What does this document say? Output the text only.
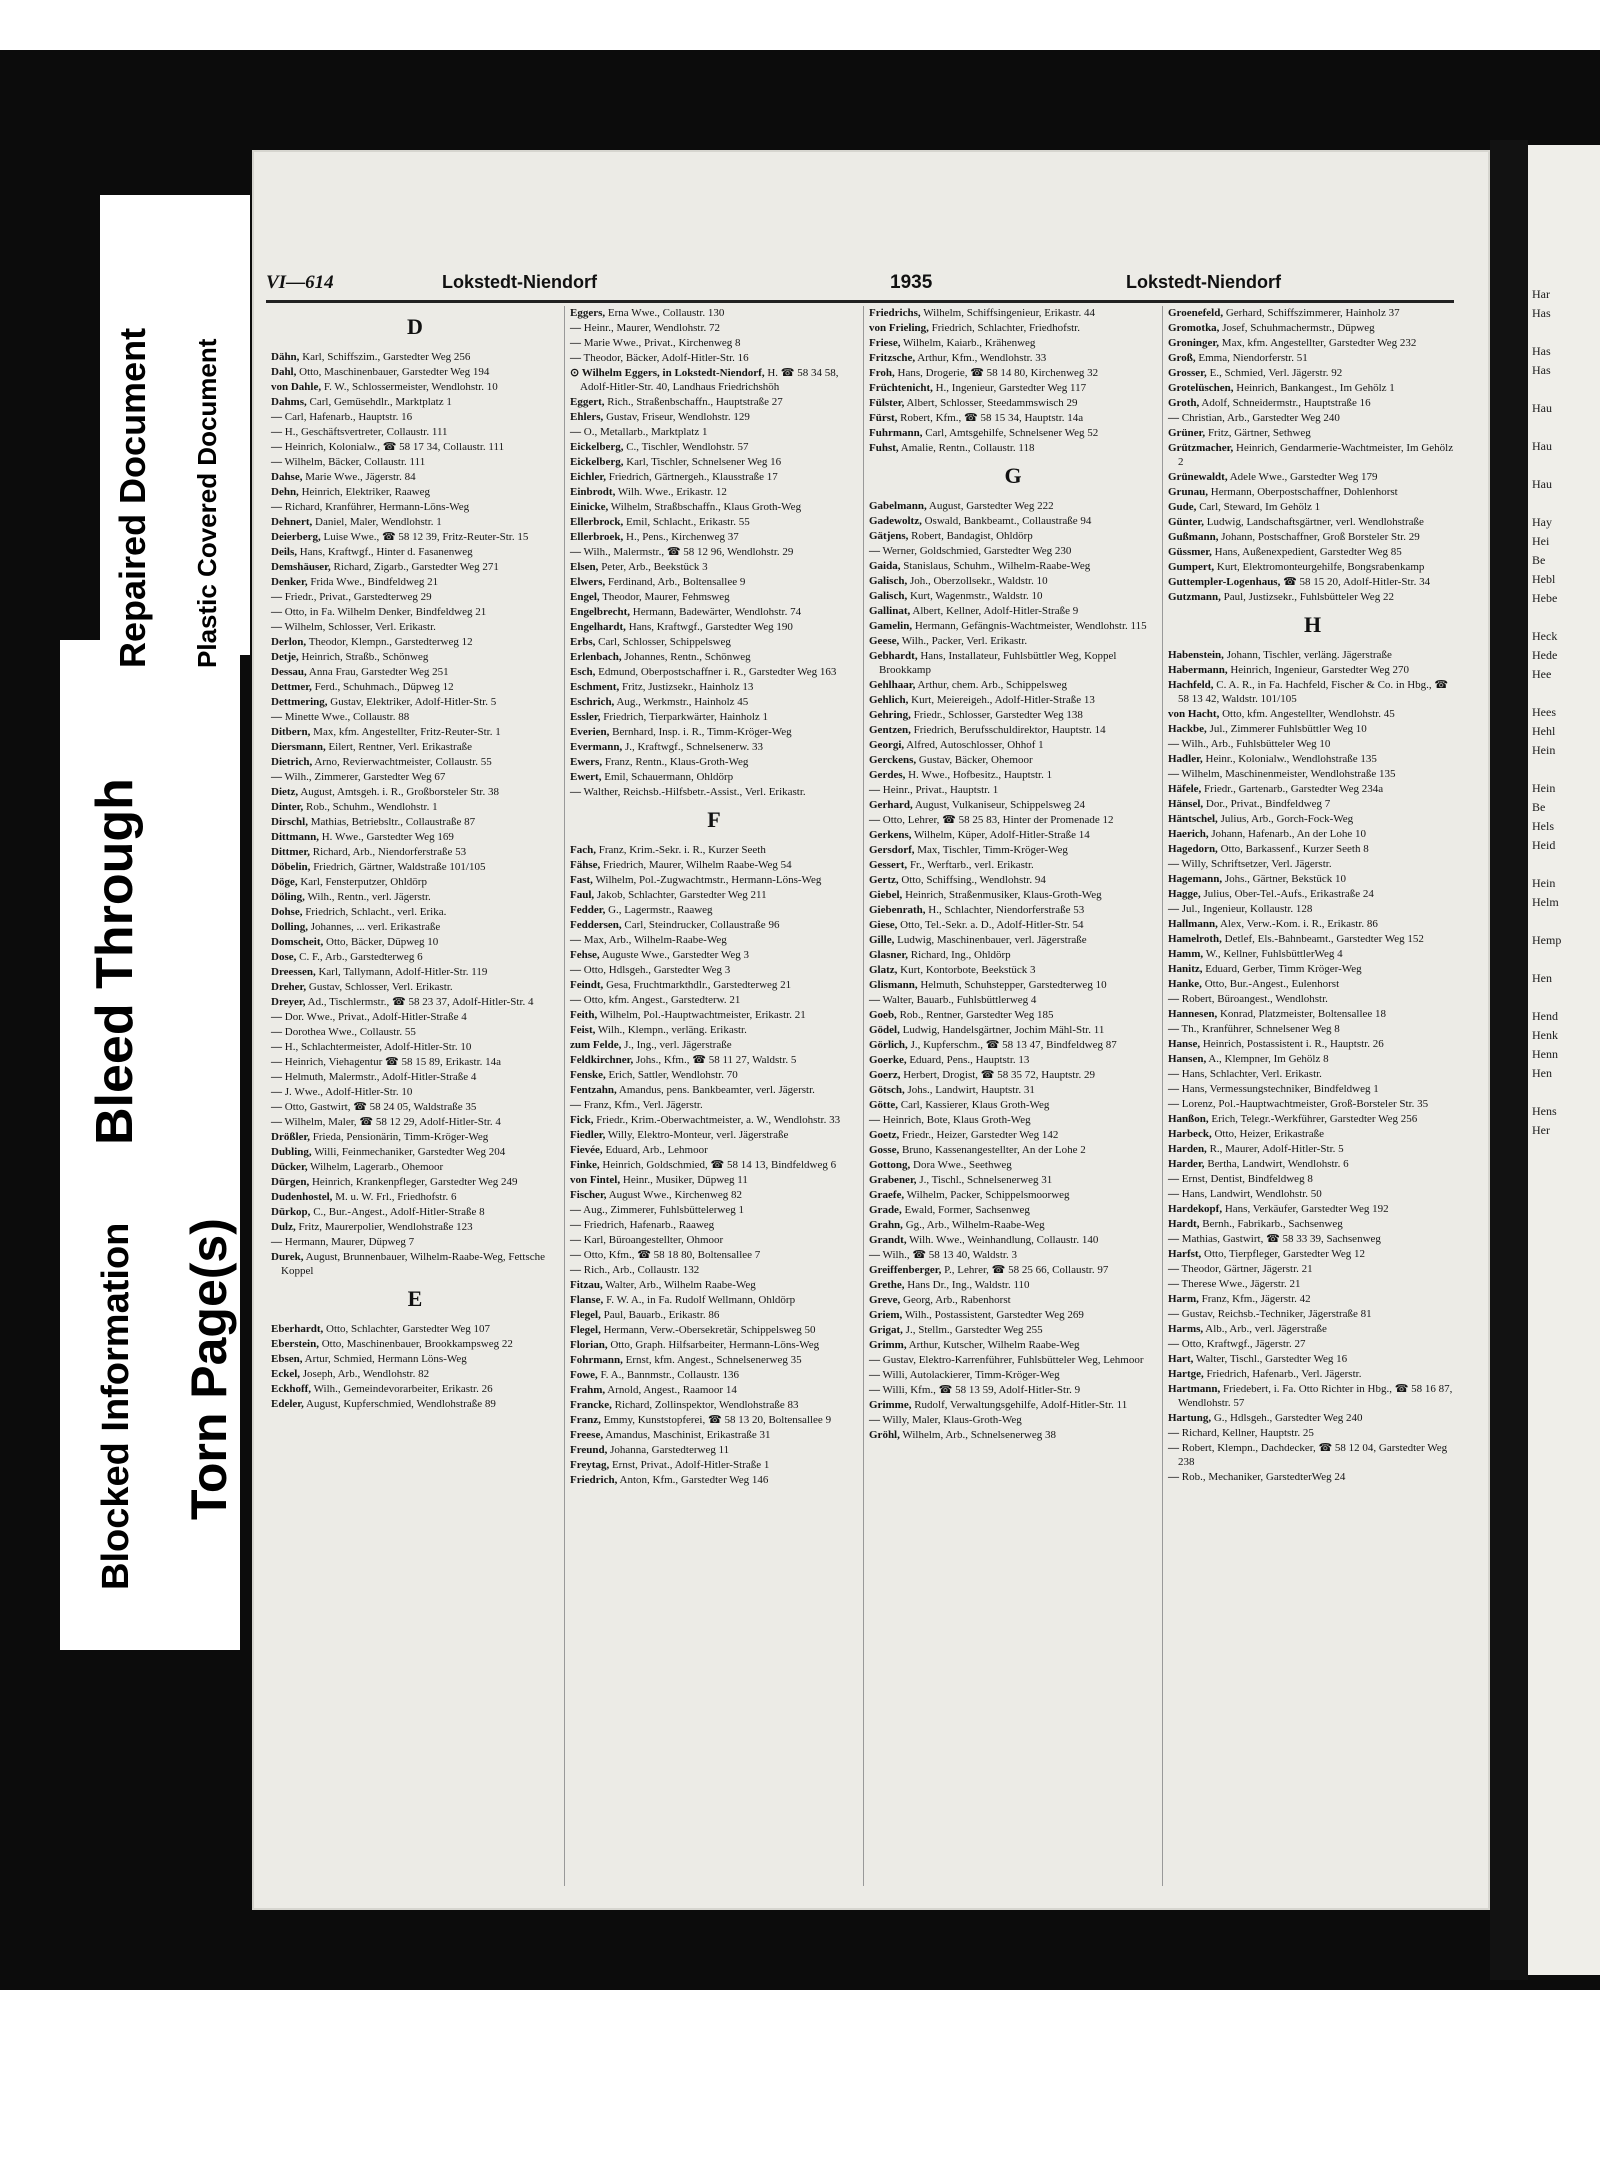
Blocked Information Torn Page(s)
Bleed Through
Repaired Document Plastic Covered Document
Har
Has

Has
Has

Hau

Hau

Hau

Hay
Hei
Be
Hebl
Hebe

Heck
Hede
Hee

Hees
Hehl
Hein

Hein
Be
Hels
Heid

Hein
Helm

Hemp

Hen

Hend
Henk
Henn
Hen

Hens
Her
VI—614	Lokstedt-Niendorf	1935	Lokstedt-Niendorf
D
Dähn, Karl, Schiffszim., Garstedter Weg 256
Dahl, Otto, Maschinenbauer, Garstedter Weg 194
von Dahle, F. W., Schlossermeister, Wendlohstr. 10
Dahms, Carl, Gemüsehdlr., Marktplatz 1
— Carl, Hafenarb., Hauptstr. 16
— H., Geschäftsvertreter, Collaustr. 111
— Heinrich, Kolonialw., ☎ 58 17 34, Collaustr. 111
— Wilhelm, Bäcker, Collaustr. 111
Dahse, Marie Wwe., Jägerstr. 84
Dehn, Heinrich, Elektriker, Raaweg
— Richard, Kranführer, Hermann-Löns-Weg
Dehnert, Daniel, Maler, Wendlohstr. 1
Deierberg, Luise Wwe., ☎ 58 12 39, Fritz-Reuter-Str. 15
Deils, Hans, Kraftwgf., Hinter d. Fasanenweg
Demshäuser, Richard, Zigarb., Garstedter Weg 271
Denker, Frida Wwe., Bindfeldweg 21
— Friedr., Privat., Garstedterweg 29
— Otto, in Fa. Wilhelm Denker, Bindfeldweg 21
— Wilhelm, Schlosser, Verl. Erikastr.
Derlon, Theodor, Klempn., Garstedterweg 12
Detje, Heinrich, Straßb., Schönweg
Dessau, Anna Frau, Garstedter Weg 251
Dettmer, Ferd., Schuhmach., Düpweg 12
Dettmering, Gustav, Elektriker, Adolf-Hitler-Str. 5
— Minette Wwe., Collaustr. 88
Ditbern, Max, kfm. Angestellter, Fritz-Reuter-Str. 1
Diersmann, Eilert, Rentner, Verl. Erikastraße
Dietrich, Arno, Revierwachtmeister, Collaustr. 55
— Wilh., Zimmerer, Garstedter Weg 67
Dietz, August, Amtsgeh. i. R., Großborsteler Str. 38
Dinter, Rob., Schuhm., Wendlohstr. 1
Dirschl, Mathias, Betriebsltr., Collaustraße 87
Dittmann, H. Wwe., Garstedter Weg 169
Dittmer, Richard, Arb., Niendorferstraße 53
Döbelin, Friedrich, Gärtner, Waldstraße 101/105
Döge, Karl, Fensterputzer, Ohldörp
Döling, Wilh., Rentn., verl. Jägerstr.
Dohse, Friedrich, Schlacht., verl. Erika.
Dolling, Johannes, ... verl. Erikastraße
Domscheit, Otto, Bäcker, Düpweg 10
Dose, C. F., Arb., Garstedterweg 6
Dreessen, Karl, Tallymann, Adolf-Hitler-Str. 119
Dreher, Gustav, Schlosser, Verl. Erikastr.
Dreyer, Ad., Tischlermstr., ☎ 58 23 37, Adolf-Hitler-Str. 4
— Dor. Wwe., Privat., Adolf-Hitler-Straße 4
— Dorothea Wwe., Collaustr. 55
— H., Schlachtermeister, Adolf-Hitler-Str. 10
— Heinrich, Viehagentur ☎ 58 15 89, Erikastr. 14a
— Helmuth, Malermstr., Adolf-Hitler-Straße 4
— J. Wwe., Adolf-Hitler-Str. 10
— Otto, Gastwirt, ☎ 58 24 05, Waldstraße 35
— Wilhelm, Maler, ☎ 58 12 29, Adolf-Hitler-Str. 4
Drößler, Frieda, Pensionärin, Timm-Kröger-Weg
Dubling, Willi, Feinmechaniker, Garstedter Weg 204
Dücker, Wilhelm, Lagerarb., Ohemoor
Dürgen, Heinrich, Krankenpfleger, Garstedter Weg 249
Dudenhostel, M. u. W. Frl., Friedhofstr. 6
Dürkop, C., Bur.-Angest., Adolf-Hitler-Straße 8
Dulz, Fritz, Maurerpolier, Wendlohstraße 123
— Hermann, Maurer, Düpweg 7
Durek, August, Brunnenbauer, Wilhelm-Raabe-Weg, Fettsche Koppel
E
Eberhardt, Otto, Schlachter, Garstedter Weg 107
Eberstein, Otto, Maschinenbauer, Brookkampsweg 22
Ebsen, Artur, Schmied, Hermann Löns-Weg
Eckel, Joseph, Arb., Wendlohstr. 82
Eckhoff, Wilh., Gemeindevorarbeiter, Erikastr. 26
Edeler, August, Kupferschmied, Wendlohstraße 89
Eggers, Erna Wwe., Collaustr. 130
— Heinr., Maurer, Wendlohstr. 72
— Marie Wwe., Privat., Kirchenweg 8
— Theodor, Bäcker, Adolf-Hitler-Str. 16
⊙ Wilhelm Eggers, in Lokstedt-Niendorf, H. ☎ 58 34 58, Adolf-Hitler-Str. 40, Landhaus Friedrichshöh
Eggert, Rich., Straßenbschaffn., Hauptstraße 27
Ehlers, Gustav, Friseur, Wendlohstr. 129
— O., Metallarb., Marktplatz 1
Eickelberg, C., Tischler, Wendlohstr. 57
Eickelberg, Karl, Tischler, Schnelsener Weg 16
Eichler, Friedrich, Gärtnergeh., Klausstraße 17
Einbrodt, Wilh. Wwe., Erikastr. 12
Einicke, Wilhelm, Straßbschaffn., Klaus Groth-Weg
Ellerbrock, Emil, Schlacht., Erikastr. 55
Ellerbroek, H., Pens., Kirchenweg 37
— Wilh., Malermstr., ☎ 58 12 96, Wendlohstr. 29
Elsen, Peter, Arb., Beekstück 3
Elwers, Ferdinand, Arb., Boltensallee 9
Engel, Theodor, Maurer, Fehmsweg
Engelbrecht, Hermann, Badewärter, Wendlohstr. 74
Engelhardt, Hans, Kraftwgf., Garstedter Weg 190
Erbs, Carl, Schlosser, Schippelsweg
Erlenbach, Johannes, Rentn., Schönweg
Esch, Edmund, Oberpostschaffner i. R., Garstedter Weg 163
Eschment, Fritz, Justizsekr., Hainholz 13
Eschrich, Aug., Werkmstr., Hainholz 45
Essler, Friedrich, Tierparkwärter, Hainholz 1
Everien, Bernhard, Insp. i. R., Timm-Kröger-Weg
Evermann, J., Kraftwgf., Schnelsenerw. 33
Ewers, Franz, Rentn., Klaus-Groth-Weg
Ewert, Emil, Schauermann, Ohldörp
— Walther, Reichsb.-Hilfsbetr.-Assist., Verl. Erikastr.
F
Fach, Franz, Krim.-Sekr. i. R., Kurzer Seeth
Fähse, Friedrich, Maurer, Wilhelm Raabe-Weg 54
Fast, Wilhelm, Pol.-Zugwachtmstr., Hermann-Löns-Weg
Faul, Jakob, Schlachter, Garstedter Weg 211
Fedder, G., Lagermstr., Raaweg
Feddersen, Carl, Steindrucker, Collaustraße 96
— Max, Arb., Wilhelm-Raabe-Weg
Fehse, Auguste Wwe., Garstedter Weg 3
— Otto, Hdlsgeh., Garstedter Weg 3
Feindt, Gesa, Fruchtmarkthdlr., Garstedterweg 21
— Otto, kfm. Angest., Garstedterw. 21
Feith, Wilhelm, Pol.-Hauptwachtmeister, Erikastr. 21
Feist, Wilh., Klempn., verläng. Erikastr.
zum Felde, J., Ing., verl. Jägerstraße
Feldkirchner, Johs., Kfm., ☎ 58 11 27, Waldstr. 5
Fenske, Erich, Sattler, Wendlohstr. 70
Fentzahn, Amandus, pens. Bankbeamter, verl. Jägerstr.
— Franz, Kfm., Verl. Jägerstr.
Fick, Friedr., Krim.-Oberwachtmeister, a. W., Wendlohstr. 33
Fiedler, Willy, Elektro-Monteur, verl. Jägerstraße
Fievée, Eduard, Arb., Lehmoor
Finke, Heinrich, Goldschmied, ☎ 58 14 13, Bindfeldweg 6
von Fintel, Heinr., Musiker, Düpweg 11
Fischer, August Wwe., Kirchenweg 82
— Aug., Zimmerer, Fuhlsbüttelerweg 1
— Friedrich, Hafenarb., Raaweg
— Karl, Büroangestellter, Ohmoor
— Otto, Kfm., ☎ 58 18 80, Boltensallee 7
— Rich., Arb., Collaustr. 132
Fitzau, Walter, Arb., Wilhelm Raabe-Weg
Flanse, F. W. A., in Fa. Rudolf Wellmann, Ohldörp
Flegel, Paul, Bauarb., Erikastr. 86
Flegel, Hermann, Verw.-Obersekretär, Schippelsweg 50
Florian, Otto, Graph. Hilfsarbeiter, Hermann-Löns-Weg
Fohrmann, Ernst, kfm. Angest., Schnelsenerweg 35
Fowe, F. A., Bannmstr., Collaustr. 136
Frahm, Arnold, Angest., Raamoor 14
Francke, Richard, Zollinspektor, Wendlohstraße 83
Franz, Emmy, Kunststopferei, ☎ 58 13 20, Boltensallee 9
Freese, Amandus, Maschinist, Erikastraße 31
Freund, Johanna, Garstedterweg 11
Freytag, Ernst, Privat., Adolf-Hitler-Straße 1
Friedrich, Anton, Kfm., Garstedter Weg 146
Friedrichs, Wilhelm, Schiffsingenieur, Erikastr. 44
von Frieling, Friedrich, Schlachter, Friedhofstr.
Friese, Wilhelm, Kaiarb., Krähenweg
Fritzsche, Arthur, Kfm., Wendlohstr. 33
Froh, Hans, Drogerie, ☎ 58 14 80, Kirchenweg 32
Früchtenicht, H., Ingenieur, Garstedter Weg 117
Fülster, Albert, Schlosser, Steedammswisch 29
Fürst, Robert, Kfm., ☎ 58 15 34, Hauptstr. 14a
Fuhrmann, Carl, Amtsgehilfe, Schnelsener Weg 52
Fuhst, Amalie, Rentn., Collaustr. 118
G
Gabelmann, August, Garstedter Weg 222
Gadewoltz, Oswald, Bankbeamt., Collaustraße 94
Gätjens, Robert, Bandagist, Ohldörp
— Werner, Goldschmied, Garstedter Weg 230
Gaida, Stanislaus, Schuhm., Wilhelm-Raabe-Weg
Galisch, Joh., Oberzollsekr., Waldstr. 10
Galisch, Kurt, Wagenmstr., Waldstr. 10
Gallinat, Albert, Kellner, Adolf-Hitler-Straße 9
Gamelin, Hermann, Gefängnis-Wachtmeister, Wendlohstr. 115
Geese, Wilh., Packer, Verl. Erikastr.
Gebhardt, Hans, Installateur, Fuhlsbüttler Weg, Koppel Brookkamp
Gehlhaar, Arthur, chem. Arb., Schippelsweg
Gehlich, Kurt, Meiereigeh., Adolf-Hitler-Straße 13
Gehring, Friedr., Schlosser, Garstedter Weg 138
Gentzen, Friedrich, Berufsschuldirektor, Hauptstr. 14
Georgi, Alfred, Autoschlosser, Ohhof 1
Gerckens, Gustav, Bäcker, Ohemoor
Gerdes, H. Wwe., Hofbesitz., Hauptstr. 1
— Heinr., Privat., Hauptstr. 1
Gerhard, August, Vulkaniseur, Schippelsweg 24
— Otto, Lehrer, ☎ 58 25 83, Hinter der Promenade 12
Gerkens, Wilhelm, Küper, Adolf-Hitler-Straße 14
Gersdorf, Max, Tischler, Timm-Kröger-Weg
Gessert, Fr., Werftarb., verl. Erikastr.
Gertz, Otto, Schiffsing., Wendlohstr. 94
Giebel, Heinrich, Straßenmusiker, Klaus-Groth-Weg
Giebenrath, H., Schlachter, Niendorferstraße 53
Giese, Otto, Tel.-Sekr. a. D., Adolf-Hitler-Str. 54
Gille, Ludwig, Maschinenbauer, verl. Jägerstraße
Glasner, Richard, Ing., Ohldörp
Glatz, Kurt, Kontorbote, Beekstück 3
Glismann, Helmuth, Schuhstepper, Garstedterweg 10
— Walter, Bauarb., Fuhlsbüttlerweg 4
Goeb, Rob., Rentner, Garstedter Weg 185
Gödel, Ludwig, Handelsgärtner, Jochim Mähl-Str. 11
Görlich, J., Kupferschm., ☎ 58 13 47, Bindfeldweg 87
Goerke, Eduard, Pens., Hauptstr. 13
Goerz, Herbert, Drogist, ☎ 58 35 72, Hauptstr. 29
Götsch, Johs., Landwirt, Hauptstr. 31
Götte, Carl, Kassierer, Klaus Groth-Weg
— Heinrich, Bote, Klaus Groth-Weg
Goetz, Friedr., Heizer, Garstedter Weg 142
Gosse, Bruno, Kassenangestellter, An der Lohe 2
Gottong, Dora Wwe., Seethweg
Grabener, J., Tischl., Schnelsenerweg 31
Graefe, Wilhelm, Packer, Schippelsmoorweg
Grade, Ewald, Former, Sachsenweg
Grahn, Gg., Arb., Wilhelm-Raabe-Weg
Grandt, Wilh. Wwe., Weinhandlung, Collaustr. 140
— Wilh., ☎ 58 13 40, Waldstr. 3
Greiffenberger, P., Lehrer, ☎ 58 25 66, Collaustr. 97
Grethe, Hans Dr., Ing., Waldstr. 110
Greve, Georg, Arb., Rabenhorst
Griem, Wilh., Postassistent, Garstedter Weg 269
Grigat, J., Stellm., Garstedter Weg 255
Grimm, Arthur, Kutscher, Wilhelm Raabe-Weg
— Gustav, Elektro-Karrenführer, Fuhlsbütteler Weg, Lehmoor
— Willi, Autolackierer, Timm-Kröger-Weg
— Willi, Kfm., ☎ 58 13 59, Adolf-Hitler-Str. 9
Grimme, Rudolf, Verwaltungsgehilfe, Adolf-Hitler-Str. 11
— Willy, Maler, Klaus-Groth-Weg
Gröhl, Wilhelm, Arb., Schnelsenerweg 38
Groenefeld, Gerhard, Schiffszimmerer, Hainholz 37
Gromotka, Josef, Schuhmachermstr., Düpweg
Groninger, Max, kfm. Angestellter, Garstedter Weg 232
Groß, Emma, Niendorferstr. 51
Grosser, E., Schmied, Verl. Jägerstr. 92
Grotelüschen, Heinrich, Bankangest., Im Gehölz 1
Groth, Adolf, Schneidermstr., Hauptstraße 16
— Christian, Arb., Garstedter Weg 240
Grüner, Fritz, Gärtner, Sethweg
Grützmacher, Heinrich, Gendarmerie-Wachtmeister, Im Gehölz 2
Grünewaldt, Adele Wwe., Garstedter Weg 179
Grunau, Hermann, Oberpostschaffner, Dohlenhorst
Gude, Carl, Steward, Im Gehölz 1
Günter, Ludwig, Landschaftsgärtner, verl. Wendlohstraße
Gußmann, Johann, Postschaffner, Groß Borsteler Str. 29
Güssmer, Hans, Außenexpedient, Garstedter Weg 85
Gumpert, Kurt, Elektromonteurgehilfe, Bongsrabenkamp
Guttempler-Logenhaus, ☎ 58 15 20, Adolf-Hitler-Str. 34
Gutzmann, Paul, Justizsekr., Fuhlsbütteler Weg 22
H
Habenstein, Johann, Tischler, verläng. Jägerstraße
Habermann, Heinrich, Ingenieur, Garstedter Weg 270
Hachfeld, C. A. R., in Fa. Hachfeld, Fischer & Co. in Hbg., ☎ 58 13 42, Waldstr. 101/105
von Hacht, Otto, kfm. Angestellter, Wendlohstr. 45
Hackbe, Jul., Zimmerer Fuhlsbüttler Weg 10
— Wilh., Arb., Fuhlsbütteler Weg 10
Hadler, Heinr., Kolonialw., Wendlohstraße 135
— Wilhelm, Maschinenmeister, Wendlohstraße 135
Häfele, Friedr., Gartenarb., Garstedter Weg 234a
Hänsel, Dor., Privat., Bindfeldweg 7
Häntschel, Julius, Arb., Gorch-Fock-Weg
Haerich, Johann, Hafenarb., An der Lohe 10
Hagedorn, Otto, Barkassenf., Kurzer Seeth 8
— Willy, Schriftsetzer, Verl. Jägerstr.
Hagemann, Johs., Gärtner, Bekstück 10
Hagge, Julius, Ober-Tel.-Aufs., Erikastraße 24
— Jul., Ingenieur, Kollaustr. 128
Hallmann, Alex, Verw.-Kom. i. R., Erikastr. 86
Hamelroth, Detlef, Els.-Bahnbeamt., Garstedter Weg 152
Hamm, W., Kellner, FuhlsbüttlerWeg 4
Hanitz, Eduard, Gerber, Timm Kröger-Weg
Hanke, Otto, Bur.-Angest., Eulenhorst
— Robert, Büroangest., Wendlohstr.
Hannesen, Konrad, Platzmeister, Boltensallee 18
— Th., Kranführer, Schnelsener Weg 8
Hanse, Heinrich, Postassistent i. R., Hauptstr. 26
Hansen, A., Klempner, Im Gehölz 8
— Hans, Schlachter, Verl. Erikastr.
— Hans, Vermessungstechniker, Bindfeldweg 1
— Lorenz, Pol.-Hauptwachtmeister, Groß-Borsteler Str. 35
Hanßon, Erich, Telegr.-Werkführer, Garstedter Weg 256
Harbeck, Otto, Heizer, Erikastraße
Harden, R., Maurer, Adolf-Hitler-Str. 5
Harder, Bertha, Landwirt, Wendlohstr. 6
— Ernst, Dentist, Bindfeldweg 8
— Hans, Landwirt, Wendlohstr. 50
Hardekopf, Hans, Verkäufer, Garstedter Weg 192
Hardt, Bernh., Fabrikarb., Sachsenweg
— Mathias, Gastwirt, ☎ 58 33 39, Sachsenweg
Harfst, Otto, Tierpfleger, Garstedter Weg 12
— Theodor, Gärtner, Jägerstr. 21
— Therese Wwe., Jägerstr. 21
Harm, Franz, Kfm., Jägerstr. 42
— Gustav, Reichsb.-Techniker, Jägerstraße 81
Harms, Alb., Arb., verl. Jägerstraße
— Otto, Kraftwgf., Jägerstr. 27
Hart, Walter, Tischl., Garstedter Weg 16
Hartge, Friedrich, Hafenarb., Verl. Jägerstr.
Hartmann, Friedebert, i. Fa. Otto Richter in Hbg., ☎ 58 16 87, Wendlohstr. 57
Hartung, G., Hdlsgeh., Garstedter Weg 240
— Richard, Kellner, Hauptstr. 25
— Robert, Klempn., Dachdecker, ☎ 58 12 04, Garstedter Weg 238
— Rob., Mechaniker, GarstedterWeg 24
